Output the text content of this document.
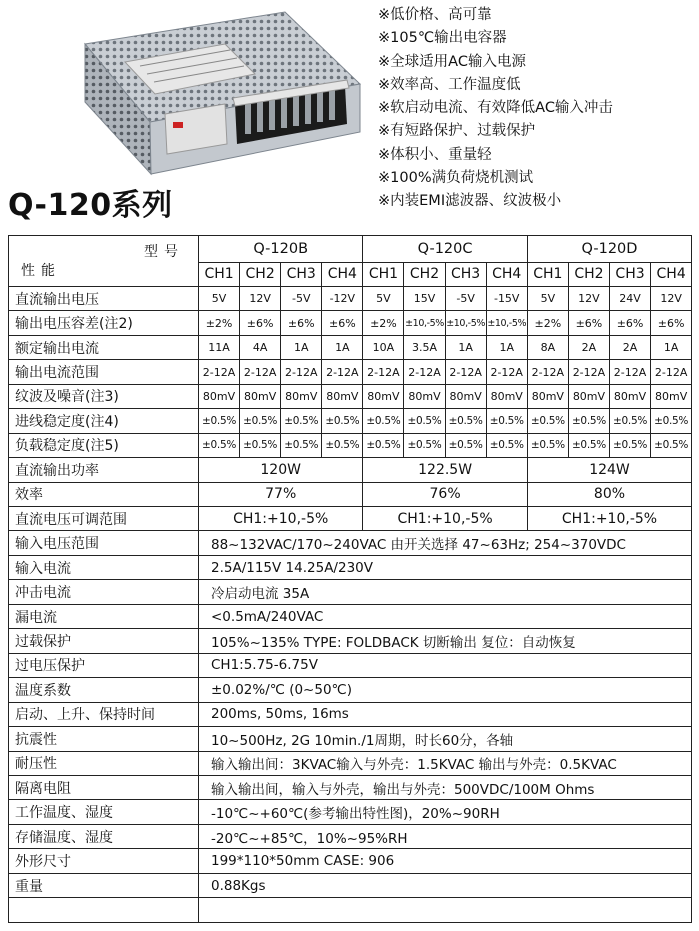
Q-120系列
※低价格、高可靠
※105℃输出电容器
※全球适用AC输入电源
※效率高、工作温度低
※软启动电流、有效降低AC输入冲击
※有短路保护、过载保护
※体积小、重量轻
※100%满负荷烧机测试
※内装EMI滤波器、纹波极小
型号
性能	Q-120B				Q-120C				Q-120D			
	CH1	CH2	CH3	CH4	CH1	CH2	CH3	CH4	CH1	CH2	CH3	CH4
直流输出电压	5V	12V	-5V	-12V	5V	15V	-5V	-15V	5V	12V	24V	12V
输出电压容差(注2)	±2%	±6%	±6%	±6%	±2%	±10,-5%	±10,-5%	±10,-5%	±2%	±6%	±6%	±6%
额定输出电流	11A	4A	1A	1A	10A	3.5A	1A	1A	8A	2A	2A	1A
输出电流范围	2-12A	2-12A	2-12A	2-12A	2-12A	2-12A	2-12A	2-12A	2-12A	2-12A	2-12A	2-12A
纹波及噪音(注3)	80mV	80mV	80mV	80mV	80mV	80mV	80mV	80mV	80mV	80mV	80mV	80mV
进线稳定度(注4)	±0.5%	±0.5%	±0.5%	±0.5%	±0.5%	±0.5%	±0.5%	±0.5%	±0.5%	±0.5%	±0.5%	±0.5%
负载稳定度(注5)	±0.5%	±0.5%	±0.5%	±0.5%	±0.5%	±0.5%	±0.5%	±0.5%	±0.5%	±0.5%	±0.5%	±0.5%
直流输出功率	120W				122.5W				124W			
效率	77%				76%				80%			
直流电压可调范围	CH1:+10,-5%				CH1:+10,-5%				CH1:+10,-5%			
输入电压范围	88~132VAC/170~240VAC 由开关选择 47~63Hz; 254~370VDC											
输入电流	2.5A/115V 14.25A/230V											
冲击电流	冷启动电流 35A											
漏电流	<0.5mA/240VAC											
过载保护	105%~135% TYPE: FOLDBACK 切断输出 复位：自动恢复											
过电压保护	CH1:5.75-6.75V											
温度系数	±0.02%/℃ (0~50℃)											
启动、上升、保持时间	200ms, 50ms, 16ms											
抗震性	10~500Hz, 2G 10min./1周期，时长60分，各轴											
耐压性	输入输出间：3KVAC输入与外壳：1.5KVAC 输出与外壳：0.5KVAC											
隔离电阻	输入输出间，输入与外壳，输出与外壳：500VDC/100M Ohms											
工作温度、湿度	-10℃~+60℃(参考输出特性图)，20%~90RH											
存储温度、湿度	-20℃~+85℃，10%~95%RH											
外形尺寸	199*110*50mm CASE: 906											
重量	0.88Kgs											
